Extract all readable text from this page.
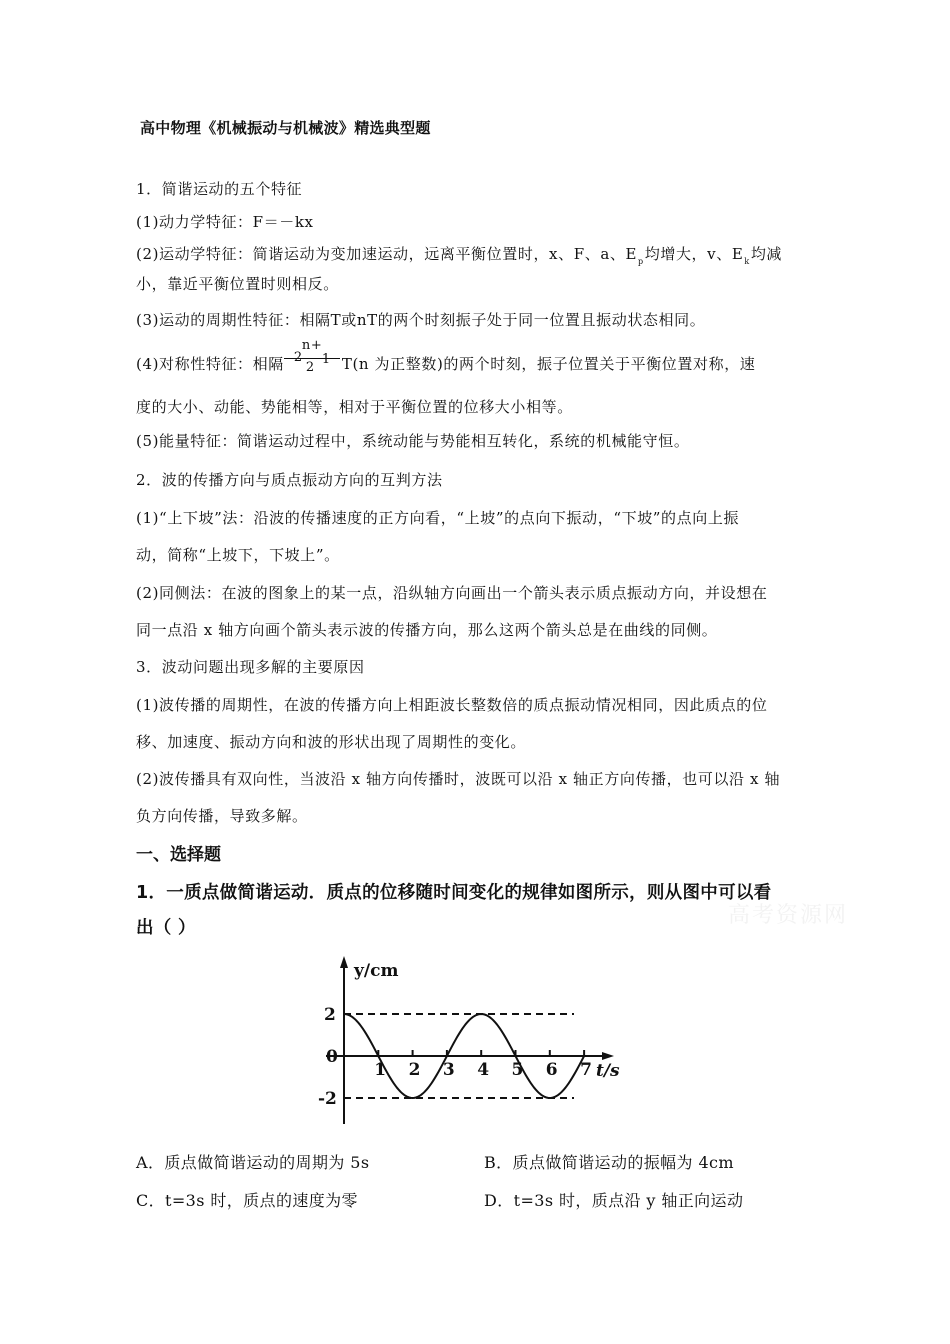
高中物理《机械振动与机械波》精选典型题
1．简谐运动的五个特征
(1)动力学特征：F＝－kx
(2)运动学特征：简谐运动为变加速运动，远离平衡位置时，x、F、a、$E_p$均增大，v、$E_k$均减
小，靠近平衡位置时则相反。
(3)运动的周期性特征：相隔T或nT的两个时刻振子处于同一位置且振动状态相同。
(4)对称性特征：相隔
n+
2 1
2 T(n 为正整数)的两个时刻，振子位置关于平衡位置对称，速
度的大小、动能、势能相等，相对于平衡位置的位移大小相等。
(5)能量特征：简谐运动过程中，系统动能与势能相互转化，系统的机械能守恒。
2．波的传播方向与质点振动方向的互判方法
(1)“上下坡”法：沿波的传播速度的正方向看，“上坡”的点向下振动，“下坡”的点向上振
动，简称“上坡下，下坡上”。
(2)同侧法：在波的图象上的某一点，沿纵轴方向画出一个箭头表示质点振动方向，并设想在
同一点沿 x 轴方向画个箭头表示波的传播方向，那么这两个箭头总是在曲线的同侧。
3．波动问题出现多解的主要原因
(1)波传播的周期性，在波的传播方向上相距波长整数倍的质点振动情况相同，因此质点的位
移、加速度、振动方向和波的形状出现了周期性的变化。
(2)波传播具有双向性，当波沿 x 轴方向传播时，波既可以沿 x 轴正方向传播，也可以沿 x 轴
负方向传播，导致多解。
一、选择题
1．一质点做简谐运动．质点的位移随时间变化的规律如图所示，则从图中可以看
出（ ）	高考资源网
y/cm
t/s
2
0
-2
1 2 3 4 5 6 7
A．质点做简谐运动的周期为 5s	B．质点做简谐运动的振幅为 4cm
C．t=3s 时，质点的速度为零	D．t=3s 时，质点沿 y 轴正向运动
